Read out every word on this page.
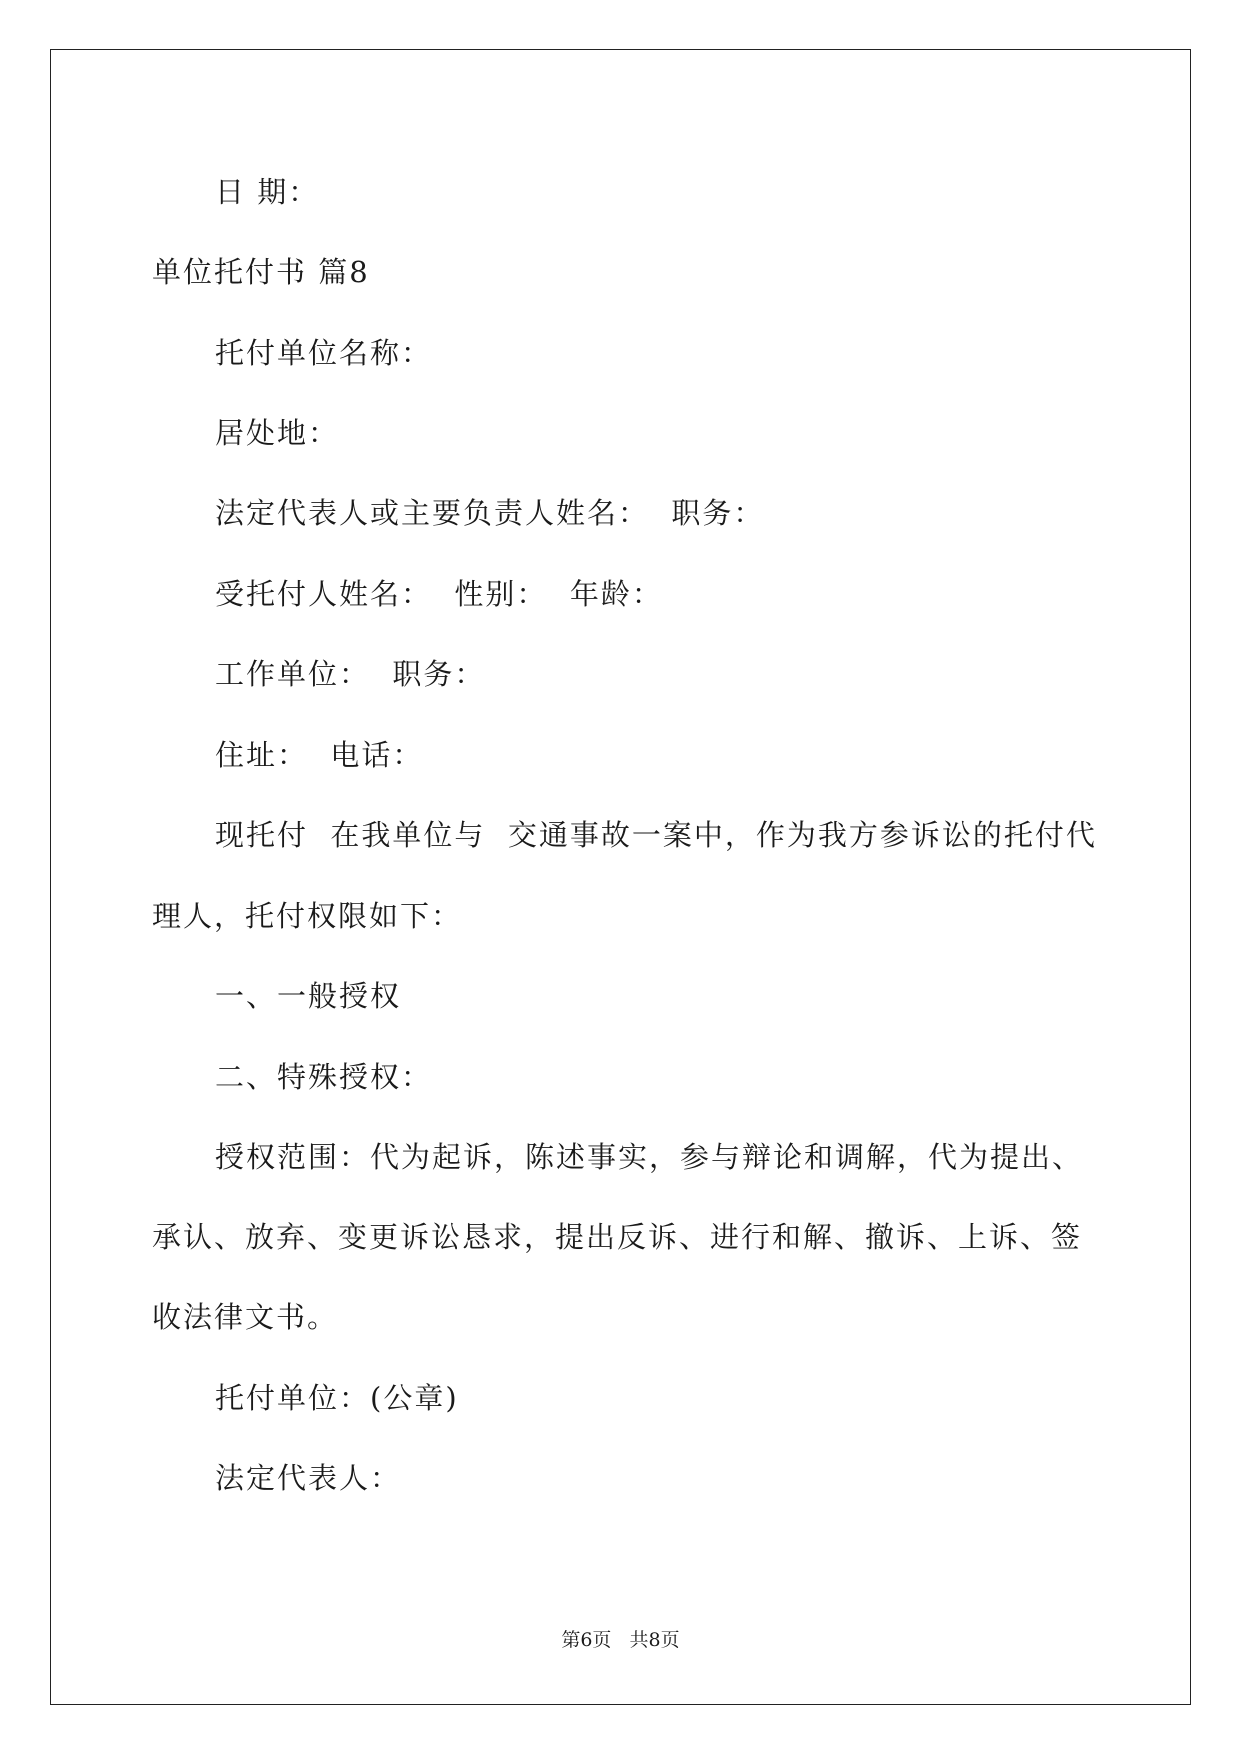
日 期：
单位托付书 篇8
托付单位名称：
居处地：
法定代表人或主要负责人姓名：  职务：
受托付人姓名：  性别：  年龄：
工作单位：  职务：
住址：  电话：
现托付  在我单位与  交通事故一案中，作为我方参诉讼的托付代
理人，托付权限如下：
一、一般授权
二、特殊授权：
授权范围：代为起诉，陈述事实，参与辩论和调解，代为提出、
承认、放弃、变更诉讼恳求，提出反诉、进行和解、撤诉、上诉、签
收法律文书。
托付单位：(公章)
法定代表人：
第6页   共8页
